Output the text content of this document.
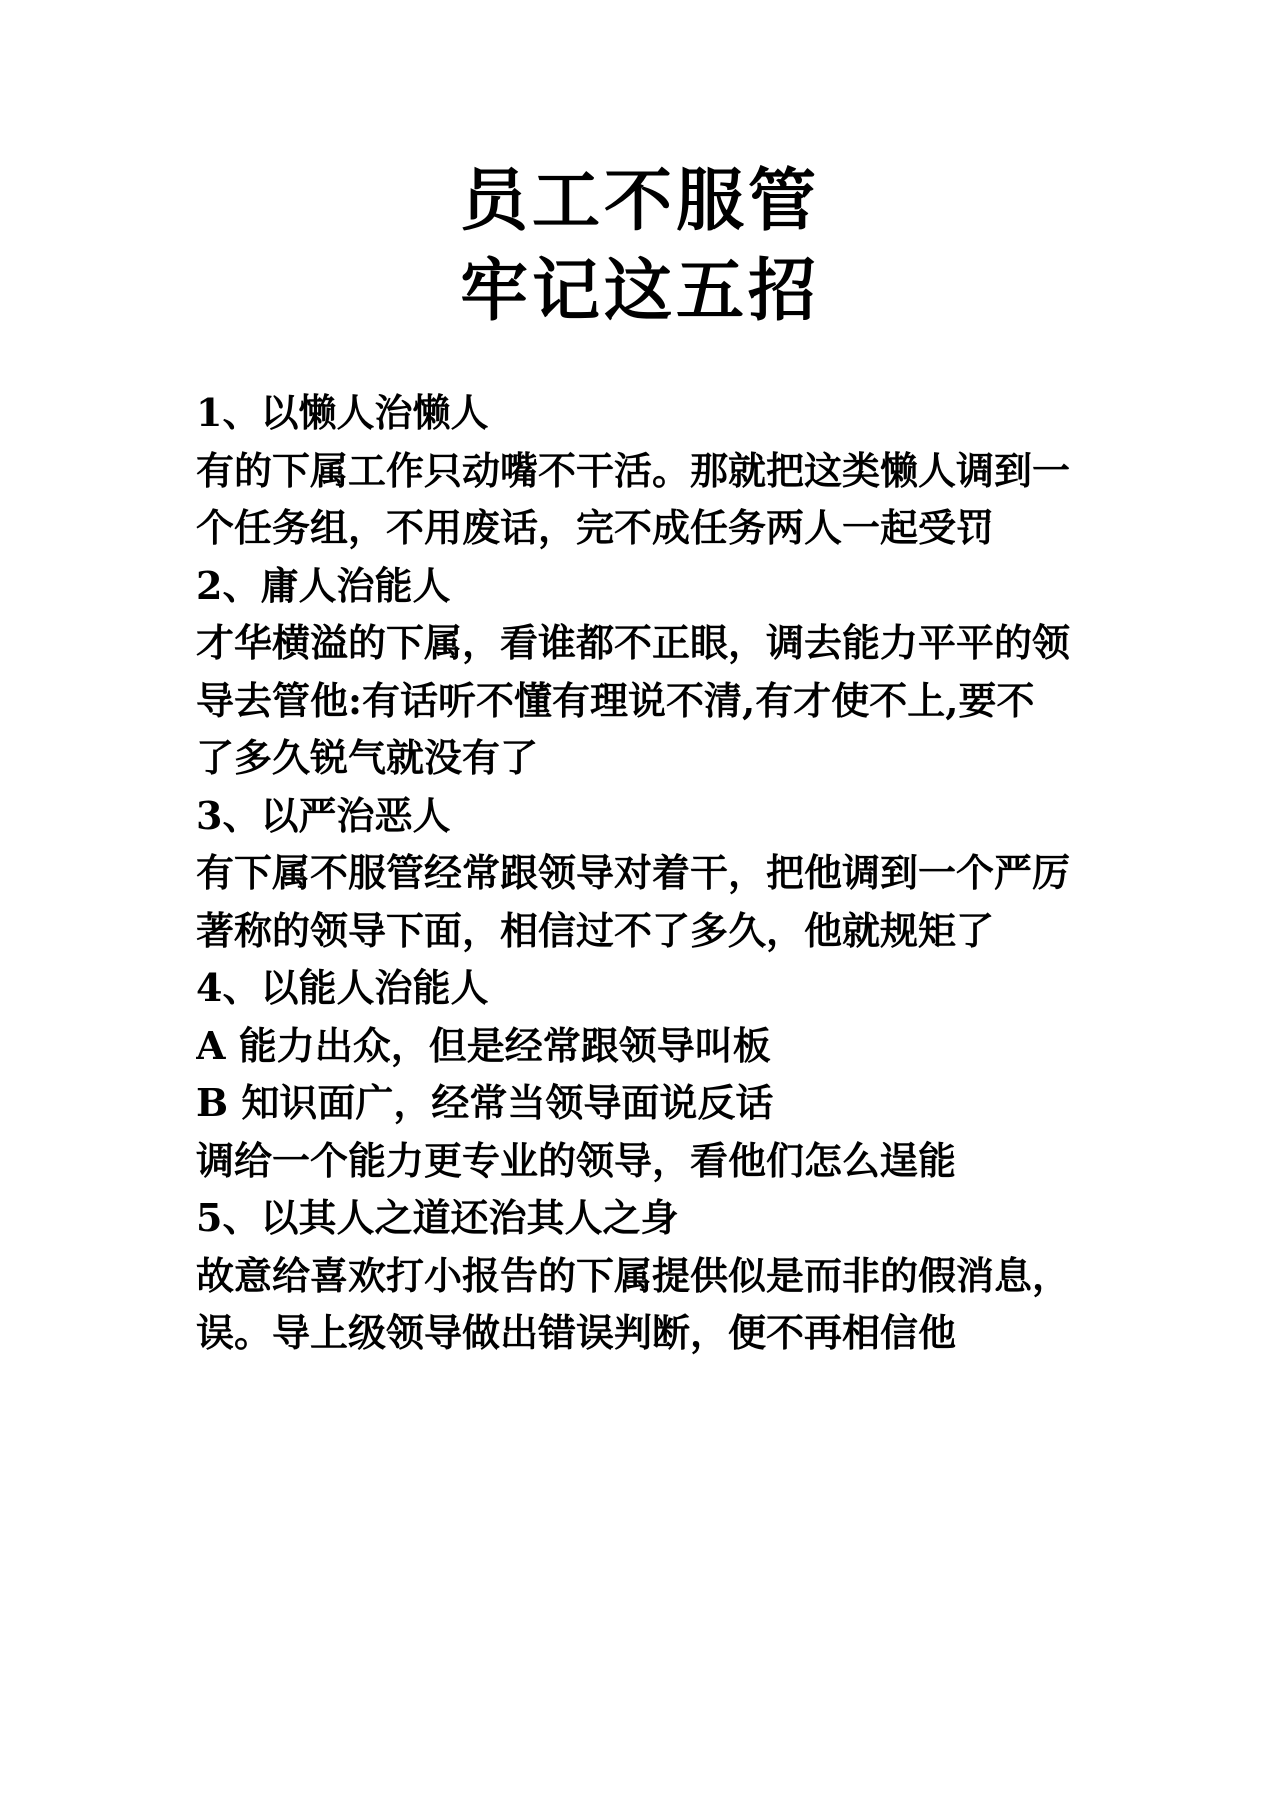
员工不服管
牢记这五招
1、以懒人治懒人
有的下属工作只动嘴不干活。那就把这类懒人调到一
个任务组，不用废话，完不成任务两人一起受罚
2、庸人治能人
才华横溢的下属，看谁都不正眼，调去能力平平的领
导去管他:有话听不懂有理说不清,有才使不上,要不
了多久锐气就没有了
3、以严治恶人
有下属不服管经常跟领导对着干，把他调到一个严厉
著称的领导下面，相信过不了多久，他就规矩了
4、以能人治能人
A 能力出众，但是经常跟领导叫板
B 知识面广，经常当领导面说反话
调给一个能力更专业的领导，看他们怎么逞能
5、以其人之道还治其人之身
故意给喜欢打小报告的下属提供似是而非的假消息，
误。导上级领导做出错误判断，便不再相信他
